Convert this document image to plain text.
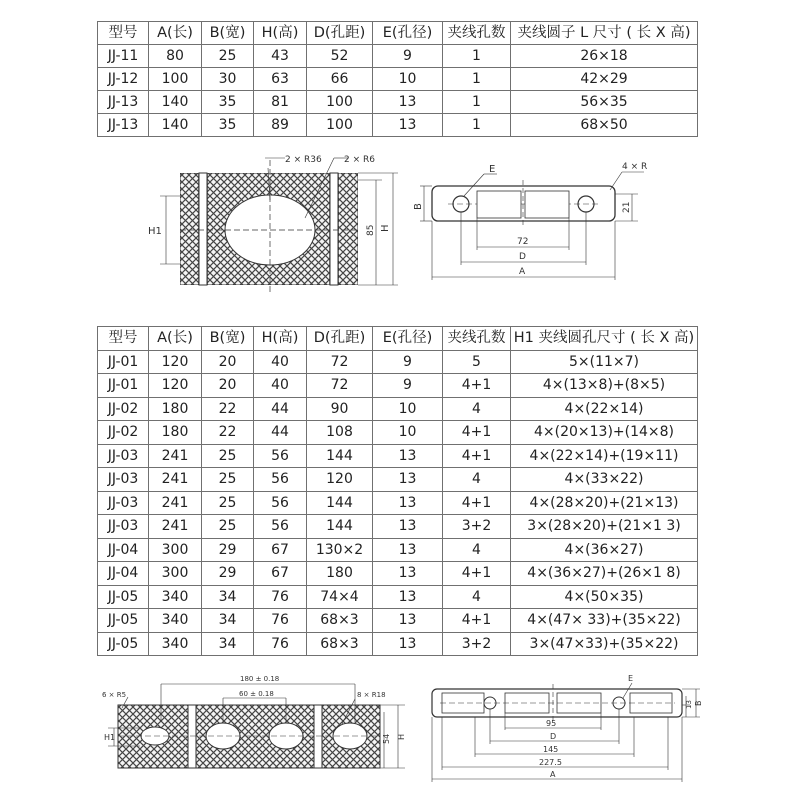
型号	A(长)	B(宽)	H(高)	D(孔距)	E(孔径)	夹线孔数	夹线圆子 L 尺寸 ( 长 X 高)
JJ-11	80	25	43	52	9	1	26×18
JJ-12	100	30	63	66	10	1	42×29
JJ-13	140	35	81	100	13	1	56×35
JJ-13	140	35	89	100	13	1	68×50
型号	A(长)	B(宽)	H(高)	D(孔距)	E(孔径)	夹线孔数	H1 夹线圆孔尺寸 ( 长 X 高)
JJ-01	120	20	40	72	9	5	5×(11×7)
JJ-01	120	20	40	72	9	4+1	4×(13×8)+(8×5)
JJ-02	180	22	44	90	10	4	4×(22×14)
JJ-02	180	22	44	108	10	4+1	4×(20×13)+(14×8)
JJ-03	241	25	56	144	13	4+1	4×(22×14)+(19×11)
JJ-03	241	25	56	120	13	4	4×(33×22)
JJ-03	241	25	56	144	13	4+1	4×(28×20)+(21×13)
JJ-03	241	25	56	144	13	3+2	3×(28×20)+(21×1 3)
JJ-04	300	29	67	130×2	13	4	4×(36×27)
JJ-04	300	29	67	180	13	4+1	4×(36×27)+(26×1 8)
JJ-05	340	34	76	74×4	13	4	4×(50×35)
JJ-05	340	34	76	68×3	13	4+1	4×(47× 33)+(35×22)
JJ-05	340	34	76	68×3	13	3+2	3×(47×33)+(35×22)
2 × R36 2 × R6
H1	85 H
E	4 × R
B	21
72
D
A
180 ± 0.18
60 ± 0.18
6 × R5	8 × R18
H1	54 H
E
13 B
95
D
145
227.5
A
